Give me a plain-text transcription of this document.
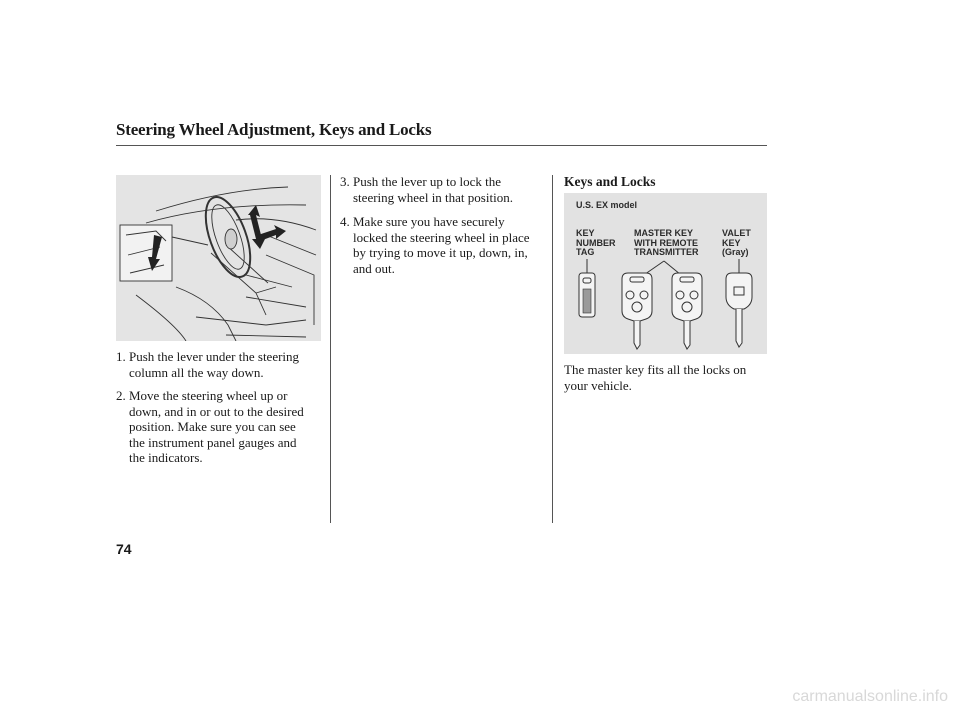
Steering Wheel Adjustment, Keys and Locks
1. Push the lever under the steering
column all the way down.
2. Move the steering wheel up or
down, and in or out to the desired
position. Make sure you can see
the instrument panel gauges and
the indicators.
3. Push the lever up to lock the
steering wheel in that position.
4. Make sure you have securely
locked the steering wheel in place
by trying to move it up, down, in,
and out.
Keys and Locks
U.S. EX model
KEY
NUMBER
TAG
MASTER KEY
WITH REMOTE
TRANSMITTER
VALET
KEY
(Gray)
The master key fits all the locks on
your vehicle.
74
carmanualsonline.info
